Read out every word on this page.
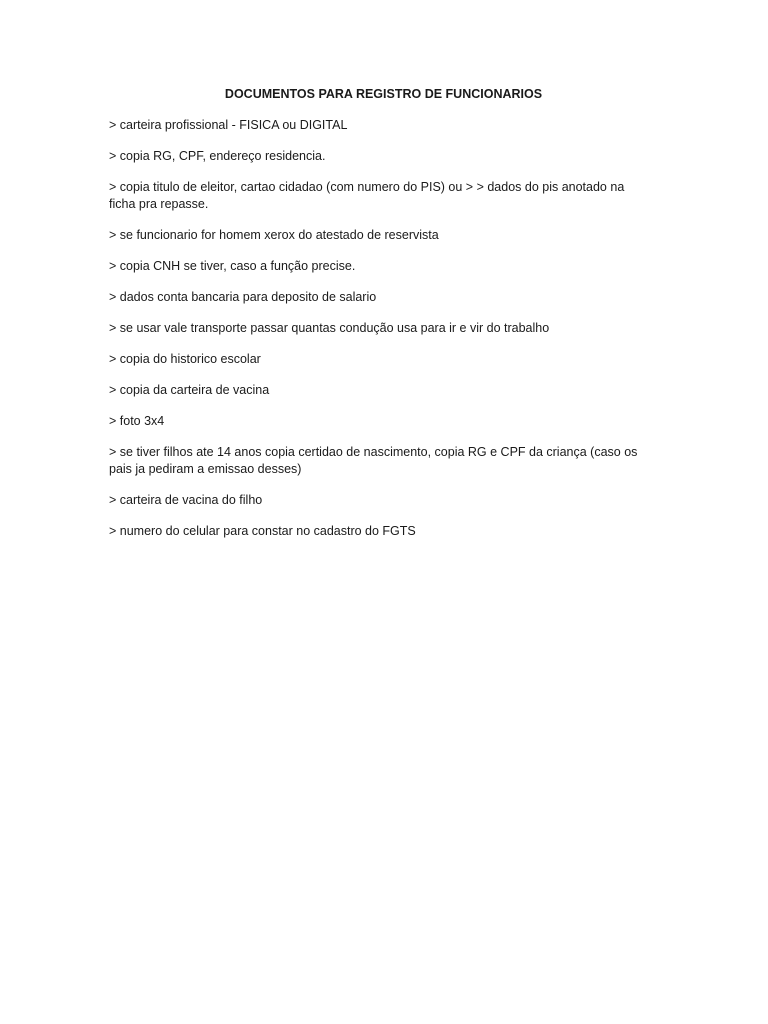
DOCUMENTOS PARA REGISTRO DE FUNCIONARIOS
> carteira profissional - FISICA ou DIGITAL
> copia RG, CPF, endereço residencia.
> copia titulo de eleitor, cartao cidadao (com numero do PIS) ou > > dados do pis anotado na ficha pra repasse.
> se funcionario for homem xerox do atestado de reservista
> copia CNH se tiver, caso a função precise.
> dados conta bancaria para deposito de salario
> se usar vale transporte passar quantas condução usa para ir e vir do trabalho
> copia do historico escolar
> copia da carteira de vacina
> foto 3x4
> se tiver filhos ate 14 anos copia certidao de nascimento, copia RG e CPF da criança (caso os pais ja pediram a emissao desses)
> carteira de vacina do filho
> numero do celular para constar no cadastro do FGTS
